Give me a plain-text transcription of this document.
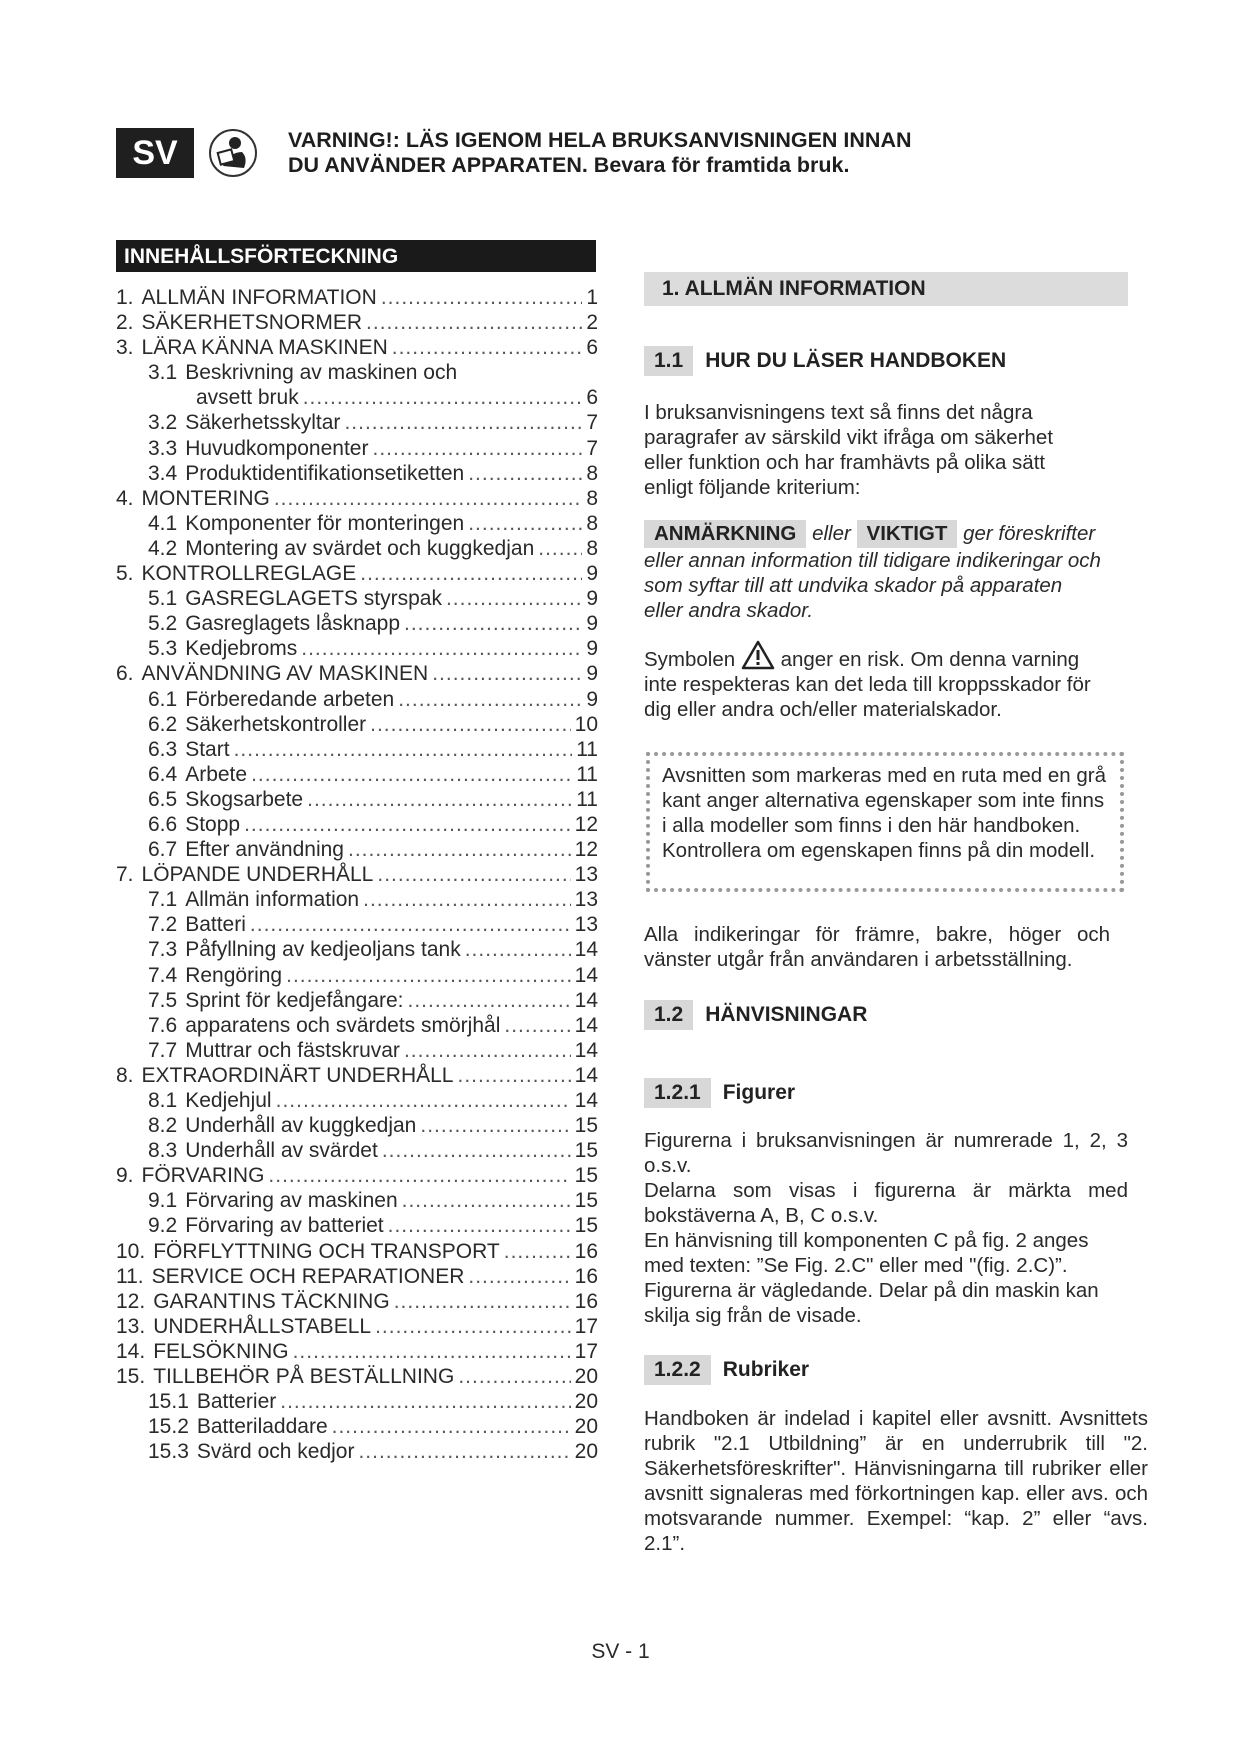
SV	VARNING!: LÄS IGENOM HELA BRUKSANVISNINGEN INNAN
DU ANVÄNDER APPARATEN. Bevara för framtida bruk.
INNEHÅLLSFÖRTECKNING
1. ALLMÄN INFORMATION .....	1
2. SÄKERHETSNORMER .....	2
3. LÄRA KÄNNA MASKINEN .....	6
3.1 Beskrivning av maskinen och
avsett bruk .....	6
3.2 Säkerhetsskyltar .....	7
3.3 Huvudkomponenter .....	7
3.4 Produktidentifikationsetiketten .....	8
4. MONTERING .....	8
4.1 Komponenter för monteringen .....	8
4.2 Montering av svärdet och kuggkedjan ..... 8
5. KONTROLLREGLAGE .....	9
5.1 GASREGLAGETS styrspak .....	9
5.2 Gasreglagets låsknapp .....	9
5.3 Kedjebroms .....	9
6. ANVÄNDNING AV MASKINEN .....	9
6.1 Förberedande arbeten .....	9
6.2 Säkerhetskontroller .....	10
6.3 Start .....	11
6.4 Arbete .....	11
6.5 Skogsarbete .....	11
6.6 Stopp .....	12
6.7 Efter användning .....	12
7. LÖPANDE UNDERHÅLL .....	13
7.1 Allmän information .....	13
7.2 Batteri .....	13
7.3 Påfyllning av kedjeoljans tank .....	14
7.4 Rengöring .....	14
7.5 Sprint för kedjefångare: .....	14
7.6 apparatens och svärdets smörjhål .....	14
7.7 Muttrar och fästskruvar .....	14
8. EXTRAORDINÄRT UNDERHÅLL .....	14
8.1 Kedjehjul .....	14
8.2 Underhåll av kuggkedjan .....	15
8.3 Underhåll av svärdet .....	15
9. FÖRVARING .....	15
9.1 Förvaring av maskinen .....	15
9.2 Förvaring av batteriet .....	15
10. FÖRFLYTTNING OCH TRANSPORT .....	16
11. SERVICE OCH REPARATIONER .....	16
12. GARANTINS TÄCKNING .....	16
13. UNDERHÅLLSTABELL .....	17
14. FELSÖKNING .....	17
15. TILLBEHÖR PÅ BESTÄLLNING .....	20
15.1 Batterier .....	20
15.2 Batteriladdare .....	20
15.3 Svärd och kedjor .....	20
1. ALLMÄN INFORMATION
1.1	HUR DU LÄSER HANDBOKEN

I bruksanvisningens text så finns det några paragrafer av särskild vikt ifråga om säkerhet eller funktion och har framhävts på olika sätt enligt följande kriterium:

ANMÄRKNING eller VIKTIGT ger föreskrifter eller annan information till tidigare indikeringar och som syftar till att undvika skador på apparaten eller andra skador.

Symbolen anger en risk. Om denna varning inte respekteras kan det leda till kroppsskador för dig eller andra och/eller materialskador.

Avsnitten som markeras med en ruta med en grå kant anger alternativa egenskaper som inte finns i alla modeller som finns i den här handboken. Kontrollera om egenskapen finns på din modell.

Alla indikeringar för främre, bakre, höger och vänster utgår från användaren i arbetsställning.

1.2	HÄNVISNINGAR
1.2.1	Figurer

Figurerna i bruksanvisningen är numrerade 1, 2, 3 o.s.v.

Delarna som visas i figurerna är märkta med bokstäverna A, B, C o.s.v.

En hänvisning till komponenten C på fig. 2 anges med texten: ”Se Fig. 2.C" eller med "(fig. 2.C)”. Figurerna är vägledande. Delar på din maskin kan skilja sig från de visade.

1.2.2	Rubriker

Handboken är indelad i kapitel eller avsnitt. Avsnittets rubrik "2.1 Utbildning” är en underrubrik till "2. Säkerhetsföreskrifter". Hänvisningarna till rubriker eller avsnitt signaleras med förkortningen kap. eller avs. och motsvarande nummer. Exempel: “kap. 2” eller “avs. 2.1”.

SV - 1
